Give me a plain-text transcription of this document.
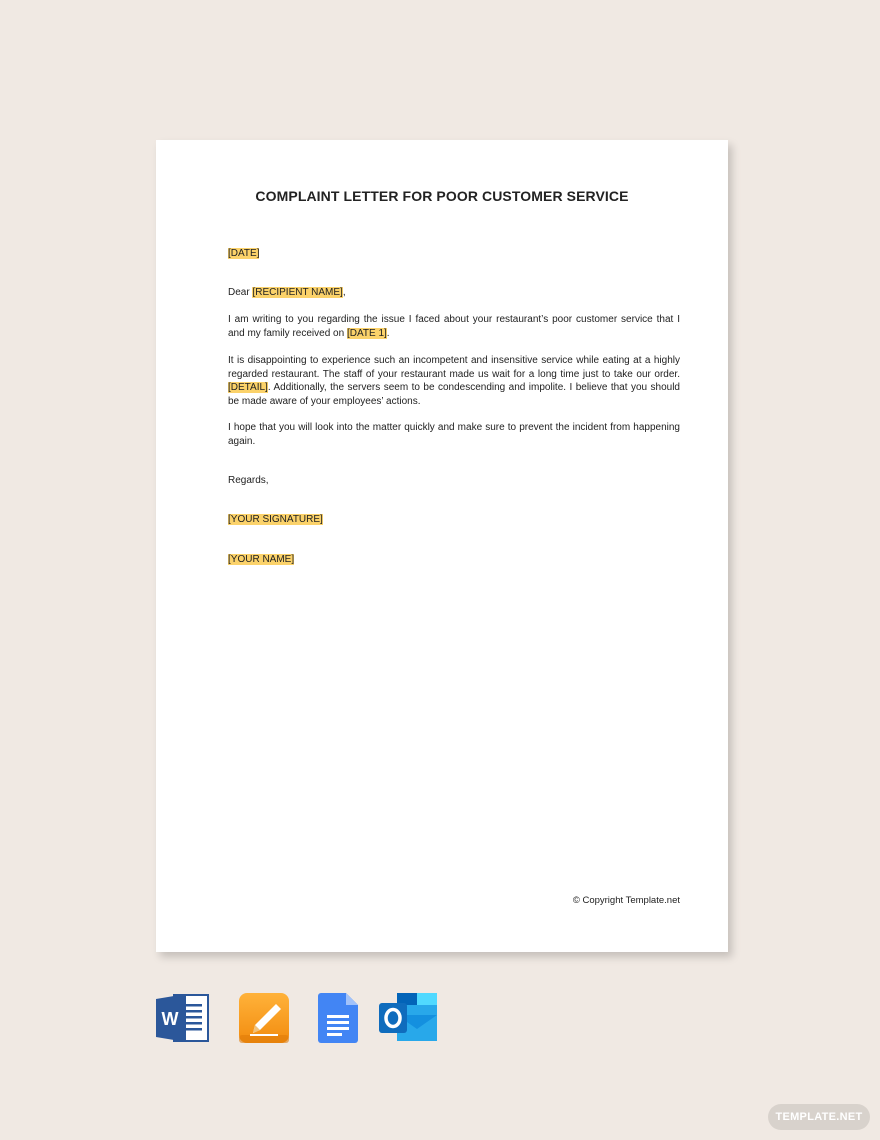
COMPLAINT LETTER FOR POOR CUSTOMER SERVICE
[DATE]
Dear [RECIPIENT NAME],
I am writing to you regarding the issue I faced about your restaurant’s poor customer service that I and my family received on [DATE 1].
It is disappointing to experience such an incompetent and insensitive service while eating at a highly regarded restaurant. The staff of your restaurant made us wait for a long time just to take our order. [DETAIL]. Additionally, the servers seem to be condescending and impolite. I believe that you should be made aware of your employees’ actions.
I hope that you will look into the matter quickly and make sure to prevent the incident from happening again.
Regards,
[YOUR SIGNATURE]
[YOUR NAME]
© Copyright Template.net
W
TEMPLATE.NET
